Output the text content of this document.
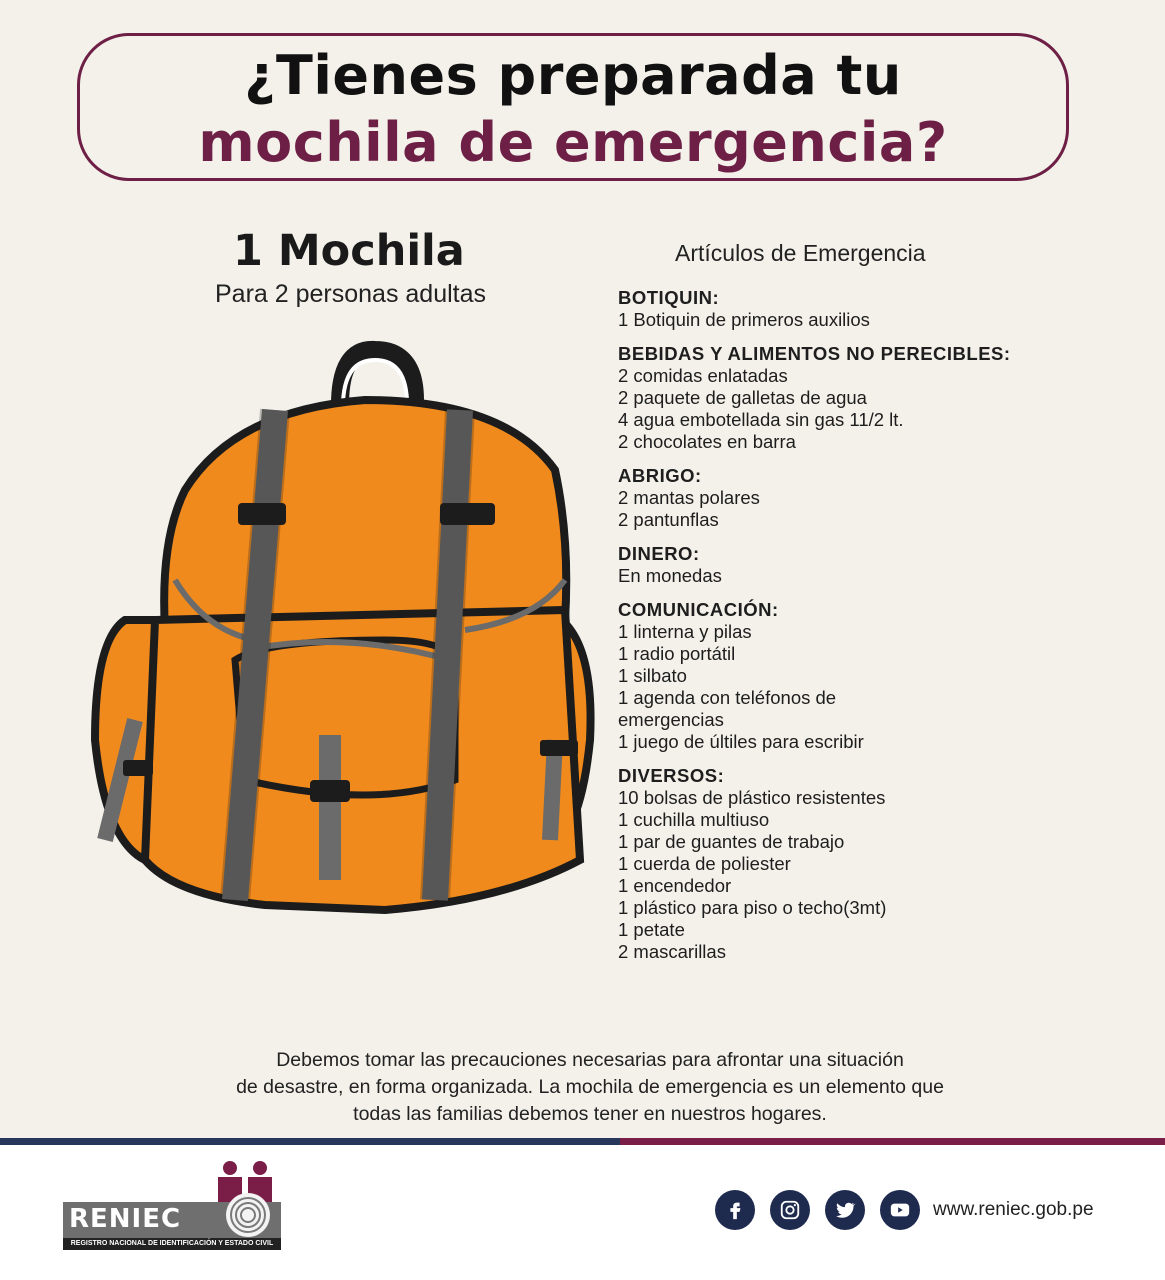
¿Tienes preparada tu
mochila de emergencia?
1 Mochila
Para 2 personas adultas
Artículos de Emergencia
BOTIQUIN:
1 Botiquin de primeros auxilios
BEBIDAS Y ALIMENTOS NO PERECIBLES:
2 comidas enlatadas
2 paquete de galletas de agua
4 agua embotellada sin gas 11/2 lt.
2 chocolates en barra
ABRIGO:
2 mantas polares
2 pantunflas
DINERO:
En monedas
COMUNICACIÓN:
1 linterna y pilas
1 radio portátil
1 silbato
1 agenda con teléfonos de emergencias
1 juego de últiles para escribir
DIVERSOS:
10 bolsas de plástico resistentes
1 cuchilla multiuso
1 par de guantes de trabajo
1 cuerda de poliester
1 encendedor
1 plástico para piso o techo(3mt)
1 petate
2 mascarillas
Debemos tomar las precauciones necesarias para afrontar una situación
de desastre, en forma organizada. La mochila de emergencia es un elemento que
todas las familias debemos tener en nuestros hogares.
RENIEC
REGISTRO NACIONAL DE IDENTIFICACIÓN Y ESTADO CIVIL
www.reniec.gob.pe
